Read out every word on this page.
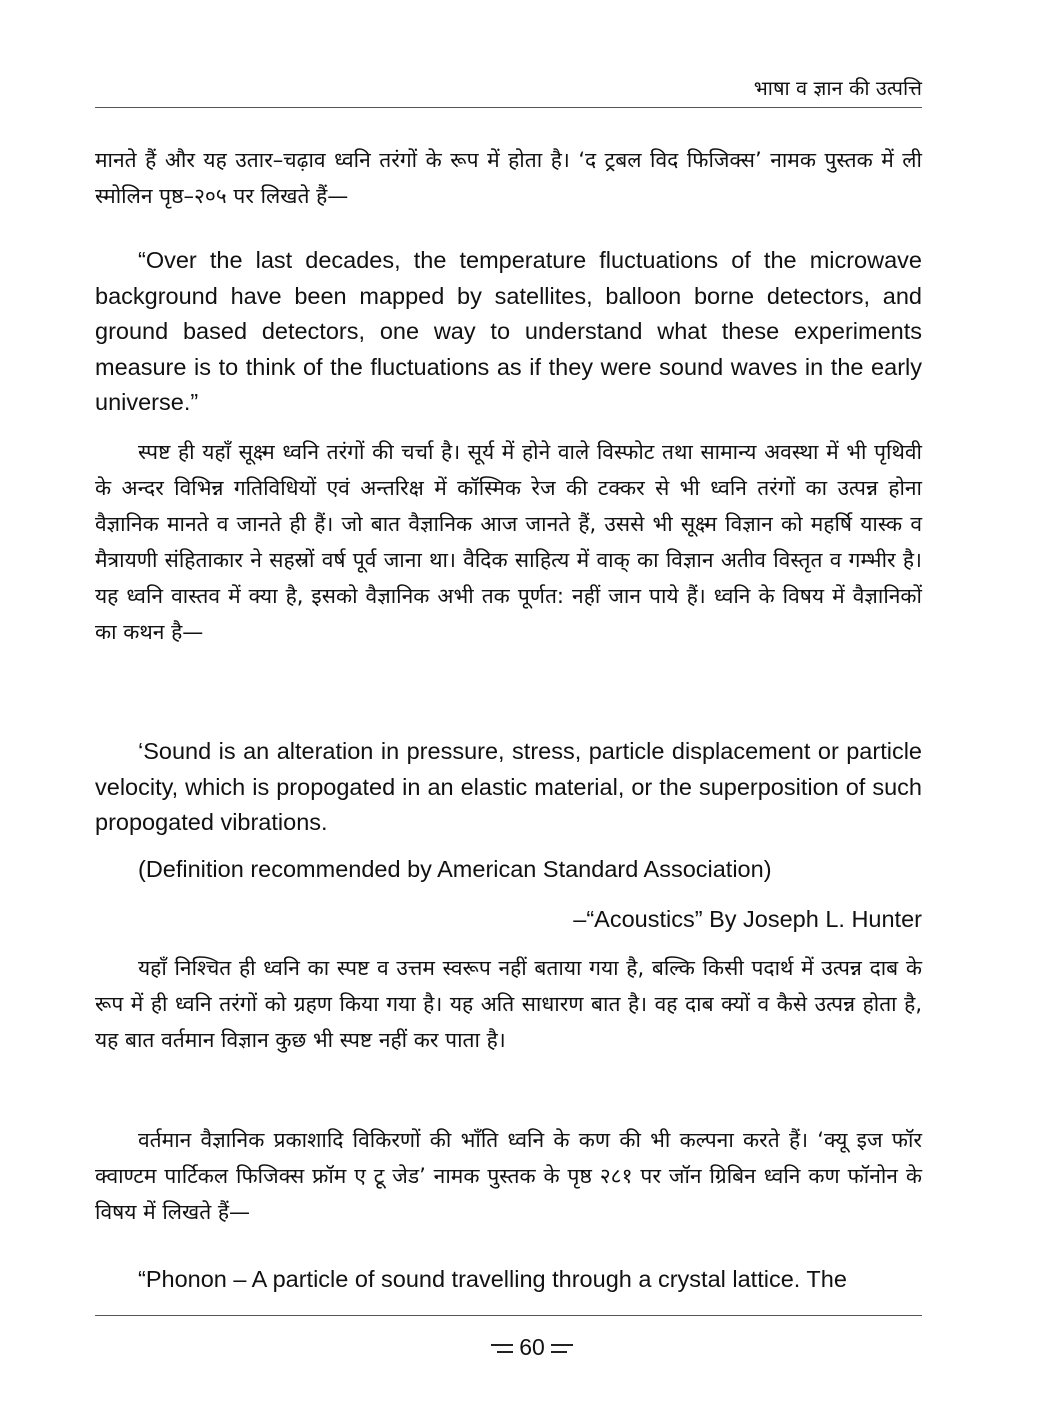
भाषा व ज्ञान की उत्पत्ति

मानते हैं और यह उतार–चढ़ाव ध्वनि तरंगों के रूप में होता है। ‘द ट्रबल विद फिजिक्स’ नामक पुस्तक में ली स्मोलिन पृष्ठ–२०५ पर लिखते हैं—

“Over the last decades, the temperature fluctuations of the microwave background have been mapped by satellites, balloon borne detectors, and ground based detectors, one way to understand what these experiments measure is to think of the fluctuations as if they were sound waves in the early universe.”

स्पष्ट ही यहाँ सूक्ष्म ध्वनि तरंगों की चर्चा है। सूर्य में होने वाले विस्फोट तथा सामान्य अवस्था में भी पृथिवी के अन्दर विभिन्न गतिविधियों एवं अन्तरिक्ष में कॉस्मिक रेज की टक्कर से भी ध्वनि तरंगों का उत्पन्न होना वैज्ञानिक मानते व जानते ही हैं। जो बात वैज्ञानिक आज जानते हैं, उससे भी सूक्ष्म विज्ञान को महर्षि यास्क व मैत्रायणी संहिताकार ने सहस्रों वर्ष पूर्व जाना था। वैदिक साहित्य में वाक् का विज्ञान अतीव विस्तृत व गम्भीर है। यह ध्वनि वास्तव में क्या है, इसको वैज्ञानिक अभी तक पूर्णत: नहीं जान पाये हैं। ध्वनि के विषय में वैज्ञानिकों का कथन है—

‘Sound is an alteration in pressure, stress, particle displacement or particle velocity, which is propogated in an elastic material, or the superposition of such propogated vibrations.

(Definition recommended by American Standard Association)

–“Acoustics” By Joseph L. Hunter

यहाँ निश्चित ही ध्वनि का स्पष्ट व उत्तम स्वरूप नहीं बताया गया है, बल्कि किसी पदार्थ में उत्पन्न दाब के रूप में ही ध्वनि तरंगों को ग्रहण किया गया है। यह अति साधारण बात है। वह दाब क्यों व कैसे उत्पन्न होता है, यह बात वर्तमान विज्ञान कुछ भी स्पष्ट नहीं कर पाता है।

वर्तमान वैज्ञानिक प्रकाशादि विकिरणों की भाँति ध्वनि के कण की भी कल्पना करते हैं। ‘क्यू इज फॉर क्वाण्टम पार्टिकल फिजिक्स फ्रॉम ए टू जेड’ नामक पुस्तक के पृष्ठ २८१ पर जॉन ग्रिबिन ध्वनि कण फॉनोन के विषय में लिखते हैं—

“Phonon – A particle of sound travelling through a crystal lattice. The

60
